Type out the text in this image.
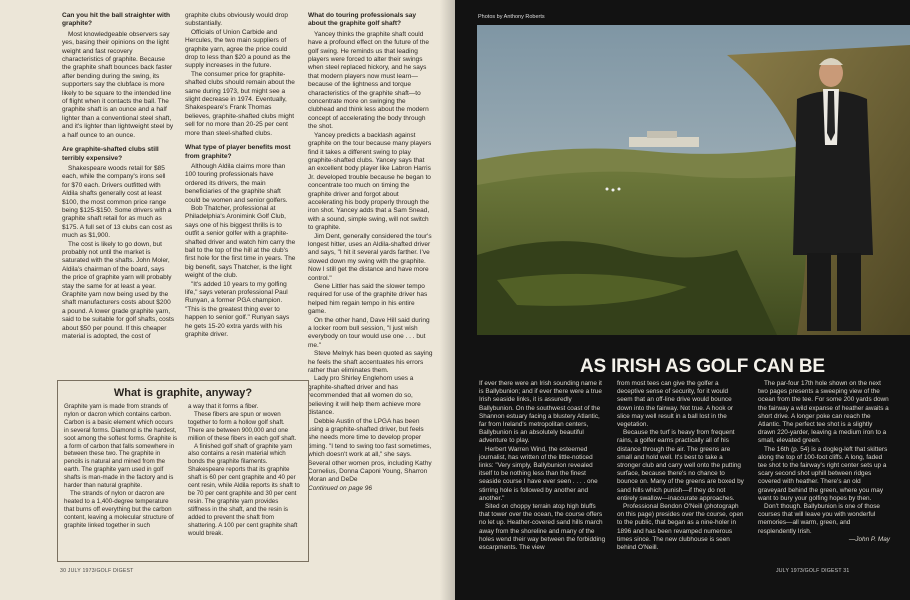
Can you hit the ball straighter with graphite?

Most knowledgeable observers say yes, basing their opinions on the light weight and fast recovery characteristics of graphite. Because the graphite shaft bounces back faster after bending during the swing, its supporters say the clubface is more likely to be square to the intended line of flight when it contacts the ball. The graphite shaft is an ounce and a half lighter than a conventional steel shaft, and it's lighter than lightweight steel by a half ounce to an ounce.

Are graphite-shafted clubs still terribly expensive?

Shakespeare woods retail for $85 each, while the company's irons sell for $70 each. Drivers outfitted with Aldila shafts generally cost at least $100, the most common price range being $125-$150. Some drivers with a graphite shaft retail for as much as $175. A full set of 13 clubs can cost as much as $1,900.

The cost is likely to go down, but probably not until the market is saturated with the shafts. John Moler, Aldila's chairman of the board, says the price of graphite yarn will probably stay the same for at least a year. Graphite yarn now being used by the shaft manufacturers costs about $200 a pound. A lower grade graphite yarn, said to be suitable for golf shafts, costs about $50 per pound. If this cheaper material is adopted, the cost of

graphite clubs obviously would drop substantially.

Officials of Union Carbide and Hercules, the two main suppliers of graphite yarn, agree the price could drop to less than $20 a pound as the supply increases in the future.

The consumer price for graphite-shafted clubs should remain about the same during 1973, but might see a slight decrease in 1974. Eventually, Shakespeare's Frank Thomas believes, graphite-shafted clubs might sell for no more than 20-25 per cent more than steel-shafted clubs.

What type of player benefits most from graphite?

Although Aldila claims more than 100 touring professionals have ordered its drivers, the main beneficiaries of the graphite shaft could be women and senior golfers.

Bob Thatcher, professional at Philadelphia's Aronimink Golf Club, says one of his biggest thrills is to outfit a senior golfer with a graphite-shafted driver and watch him carry the ball to the top of the hill at the club's first hole for the first time in years. The big benefit, says Thatcher, is the light weight of the club.

"It's added 10 years to my golfing life," says veteran professional Paul Runyan, a former PGA champion. "This is the greatest thing ever to happen to senior golf." Runyan says he gets 15-20 extra yards with his graphite driver.

What do touring professionals say about the graphite golf shaft?

Yancey thinks the graphite shaft could have a profound effect on the future of the golf swing. He reminds us that leading players were forced to alter their swings when steel replaced hickory, and he says that modern players now must learn—because of the lightness and torque characteristics of the graphite shaft—to concentrate more on swinging the clubhead and think less about the modern concept of accelerating the body through the shot.

Yancey predicts a backlash against graphite on the tour because many players find it takes a different swing to play graphite-shafted clubs. Yancey says that an excellent body player like Labron Harris Jr. developed trouble because he began to concentrate too much on timing the graphite driver and forgot about accelerating his body properly through the iron shot. Yancey adds that a Sam Snead, with a sound, simple swing, will not switch to graphite.

Jim Dent, generally considered the tour's longest hitter, uses an Aldila-shafted driver and says, "I hit it several yards farther. I've slowed down my swing with the graphite. Now I still get the distance and have more control."

Gene Littler has said the slower tempo required for use of the graphite driver has helped him regain tempo in his entire game.

On the other hand, Dave Hill said during a locker room bull session, "I just wish everybody on tour would use one . . . but me."

Steve Melnyk has been quoted as saying he feels the shaft accentuates his errors rather than eliminates them.

Lady pro Shirley Englehorn uses a graphite-shafted driver and has recommended that all women do so, believing it will help them achieve more distance.

Debbie Austin of the LPGA has been using a graphite-shafted driver, but feels she needs more time to develop proper timing. "I tend to swing too fast sometimes, which doesn't work at all," she says. Several other women pros, including Kathy Cornelius, Donna Caponi Young, Sharron Moran and DeDe

Continued on page 96

What is graphite, anyway?

Graphite yarn is made from strands of nylon or dacron which contains carbon. Carbon is a basic element which occurs in several forms. Diamond is the hardest, soot among the softest forms. Graphite is a form of carbon that falls somewhere in between these two. The graphite in pencils is natural and mined from the earth. The graphite yarn used in golf shafts is man-made in the factory and is harder than natural graphite.

The strands of nylon or dacron are heated to a 1,400-degree temperature that burns off everything but the carbon content, leaving a molecular structure of graphite linked together in such

a way that it forms a fiber.

These fibers are spun or woven together to form a hollow golf shaft. There are between 900,000 and one million of these fibers in each golf shaft.

A finished golf shaft of graphite yarn also contains a resin material which bonds the graphite filaments. Shakespeare reports that its graphite shaft is 60 per cent graphite and 40 per cent resin, while Aldila reports its shaft to be 70 per cent graphite and 30 per cent resin. The graphite yarn provides stiffness in the shaft, and the resin is added to prevent the shaft from shattering. A 100 per cent graphite shaft would break.

30 JULY 1973/GOLF DIGEST
Photos by Anthony Roberts
AS IRISH AS GOLF CAN BE

If ever there were an Irish sounding name it is Ballybunion; and if ever there were a true Irish seaside links, it is assuredly Ballybunion. On the southwest coast of the Shannon estuary facing a blustery Atlantic, far from Ireland's metropolitan centers, Ballybunion is an absolutely beautiful adventure to play.

Herbert Warren Wind, the esteemed journalist, has written of the little-noticed links: "Very simply, Ballybunion revealed itself to be nothing less than the finest seaside course I have ever seen . . . . one stirring hole is followed by another and another."

Sited on choppy terrain atop high bluffs that tower over the ocean, the course offers no let up. Heather-covered sand hills march away from the shoreline and many of the holes wend their way between the forbidding escarpments. The view

from most tees can give the golfer a deceptive sense of security, for it would seem that an off-line drive would bounce down into the fairway. Not true. A hook or slice may well result in a ball lost in the vegetation.

Because the turf is heavy from frequent rains, a golfer earns practically all of his distance through the air. The greens are small and hold well. It's best to take a stronger club and carry well onto the putting surface, because there's no chance to bounce on. Many of the greens are boxed by sand hills which punish—if they do not entirely swallow—inaccurate approaches.

Professional Bendon O'Neill (photograph on this page) presides over the course, open to the public, that began as a nine-holer in 1896 and has been revamped numerous times since. The new clubhouse is seen behind O'Neill.

The par-four 17th hole shown on the next two pages presents a sweeping view of the ocean from the tee. For some 200 yards down the fairway a wild expanse of heather awaits a short drive. A longer poke can reach the Atlantic. The perfect tee shot is a slightly drawn 220-yarder, leaving a medium iron to a small, elevated green.

The 16th (p. 54) is a dogleg-left that skitters along the top of 100-foot cliffs. A long, faded tee shot to the fairway's right center sets up a scary second shot uphill between ridges covered with heather. There's an old graveyard behind the green, where you may want to bury your golfing hopes by then.

Don't though. Ballybunion is one of those courses that will leave you with wonderful memories—all warm, green, and resplendently Irish.

—John P. May

JULY 1973/GOLF DIGEST 31
